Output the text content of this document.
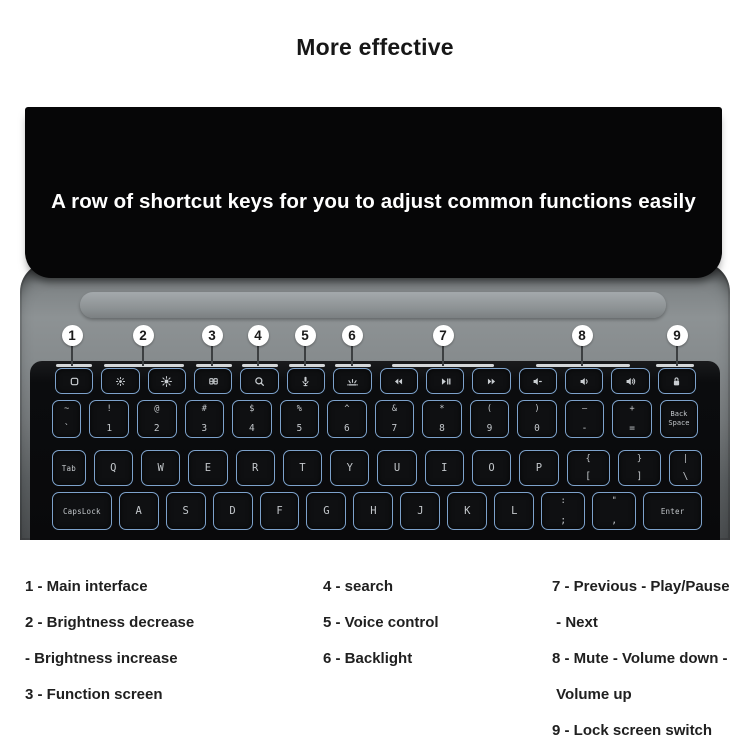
More effective
A row of shortcut keys for you to adjust common functions easily
~
`
!
1
@
2
#
3
$
4
%
5
^
6
&
7
*
8
(
9
)
0
—
-
+
=
Back
Space
Tab	Q	W	E	R	T	Y	U	I	O	P
{
[
}
]
|
\
CapsLock	A	S	D	F	G	H	J	K	L
:
;
"
,
Enter
1	2	3	4	5	6	7	8	9
1 - Main interface
2 - Brightness decrease
- Brightness increase
3 - Function screen
4 - search
5 - Voice control
6 - Backlight
7 - Previous - Play/Pause
- Next
8 - Mute - Volume down -
Volume up
9 - Lock screen switch
